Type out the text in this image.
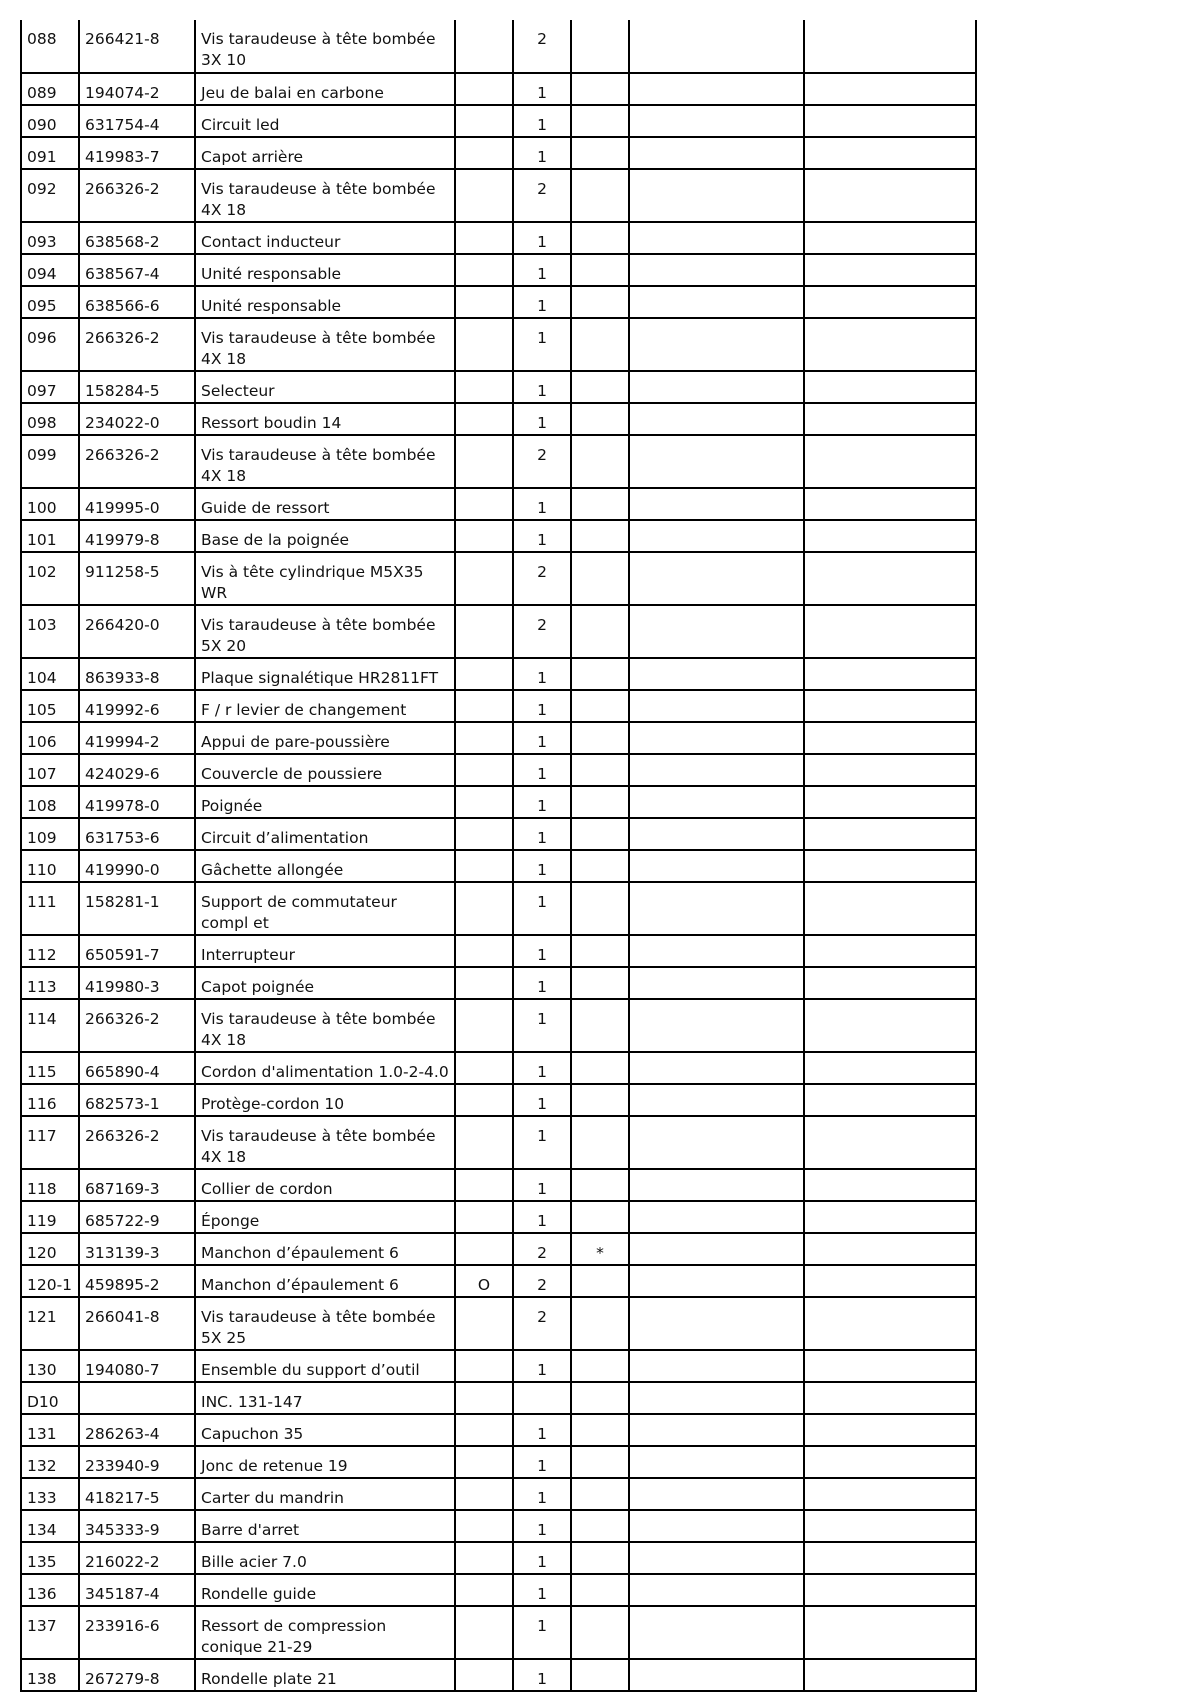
088	266421-8	Vis taraudeuse à tête bombée 3X 10		2			
089	194074-2	Jeu de balai en carbone		1			
090	631754-4	Circuit led		1			
091	419983-7	Capot arrière		1			
092	266326-2	Vis taraudeuse à tête bombée 4X 18		2			
093	638568-2	Contact inducteur		1			
094	638567-4	Unité responsable		1			
095	638566-6	Unité responsable		1			
096	266326-2	Vis taraudeuse à tête bombée 4X 18		1			
097	158284-5	Selecteur		1			
098	234022-0	Ressort boudin 14		1			
099	266326-2	Vis taraudeuse à tête bombée 4X 18		2			
100	419995-0	Guide de ressort		1			
101	419979-8	Base de la poignée		1			
102	911258-5	Vis à tête cylindrique M5X35 WR		2			
103	266420-0	Vis taraudeuse à tête bombée 5X 20		2			
104	863933-8	Plaque signalétique HR2811FT		1			
105	419992-6	F / r levier de changement		1			
106	419994-2	Appui de pare-poussière		1			
107	424029-6	Couvercle de poussiere		1			
108	419978-0	Poignée		1			
109	631753-6	Circuit d’alimentation		1			
110	419990-0	Gâchette allongée		1			
111	158281-1	Support de commutateur compl et		1			
112	650591-7	Interrupteur		1			
113	419980-3	Capot poignée		1			
114	266326-2	Vis taraudeuse à tête bombée 4X 18		1			
115	665890-4	Cordon d'alimentation 1.0-2-4.0		1			
116	682573-1	Protège-cordon 10		1			
117	266326-2	Vis taraudeuse à tête bombée 4X 18		1			
118	687169-3	Collier de cordon		1			
119	685722-9	Éponge		1			
120	313139-3	Manchon d’épaulement 6		2	*		
120-1	459895-2	Manchon d’épaulement 6	O	2			
121	266041-8	Vis taraudeuse à tête bombée 5X 25		2			
130	194080-7	Ensemble du support d’outil		1			
D10		INC. 131-147					
131	286263-4	Capuchon 35		1			
132	233940-9	Jonc de retenue 19		1			
133	418217-5	Carter du mandrin		1			
134	345333-9	Barre d'arret		1			
135	216022-2	Bille acier 7.0		1			
136	345187-4	Rondelle guide		1			
137	233916-6	Ressort de compression conique 21-29		1			
138	267279-8	Rondelle plate 21		1			
